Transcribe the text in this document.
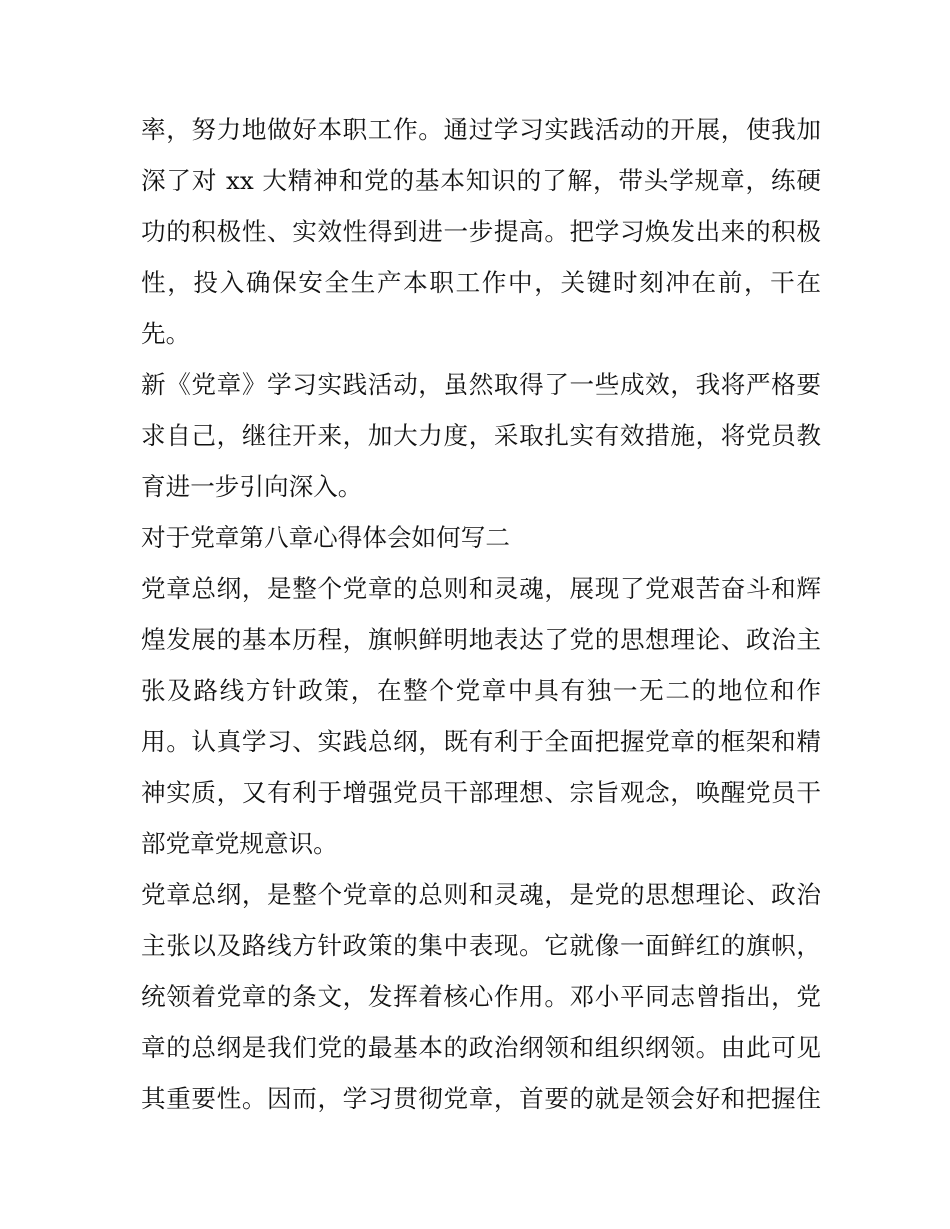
率，努力地做好本职工作。通过学习实践活动的开展，使我加
深了对 xx 大精神和党的基本知识的了解，带头学规章，练硬
功的积极性、实效性得到进一步提高。把学习焕发出来的积极
性，投入确保安全生产本职工作中，关键时刻冲在前，干在
先。

新《党章》学习实践活动，虽然取得了一些成效，我将严格要
求自己，继往开来，加大力度，采取扎实有效措施，将党员教
育进一步引向深入。

对于党章第八章心得体会如何写二

党章总纲，是整个党章的总则和灵魂，展现了党艰苦奋斗和辉
煌发展的基本历程，旗帜鲜明地表达了党的思想理论、政治主
张及路线方针政策，在整个党章中具有独一无二的地位和作
用。认真学习、实践总纲，既有利于全面把握党章的框架和精
神实质，又有利于增强党员干部理想、宗旨观念，唤醒党员干
部党章党规意识。

党章总纲，是整个党章的总则和灵魂，是党的思想理论、政治
主张以及路线方针政策的集中表现。它就像一面鲜红的旗帜，
统领着党章的条文，发挥着核心作用。邓小平同志曾指出，党
章的总纲是我们党的最基本的政治纲领和组织纲领。由此可见
其重要性。因而，学习贯彻党章，首要的就是领会好和把握住
